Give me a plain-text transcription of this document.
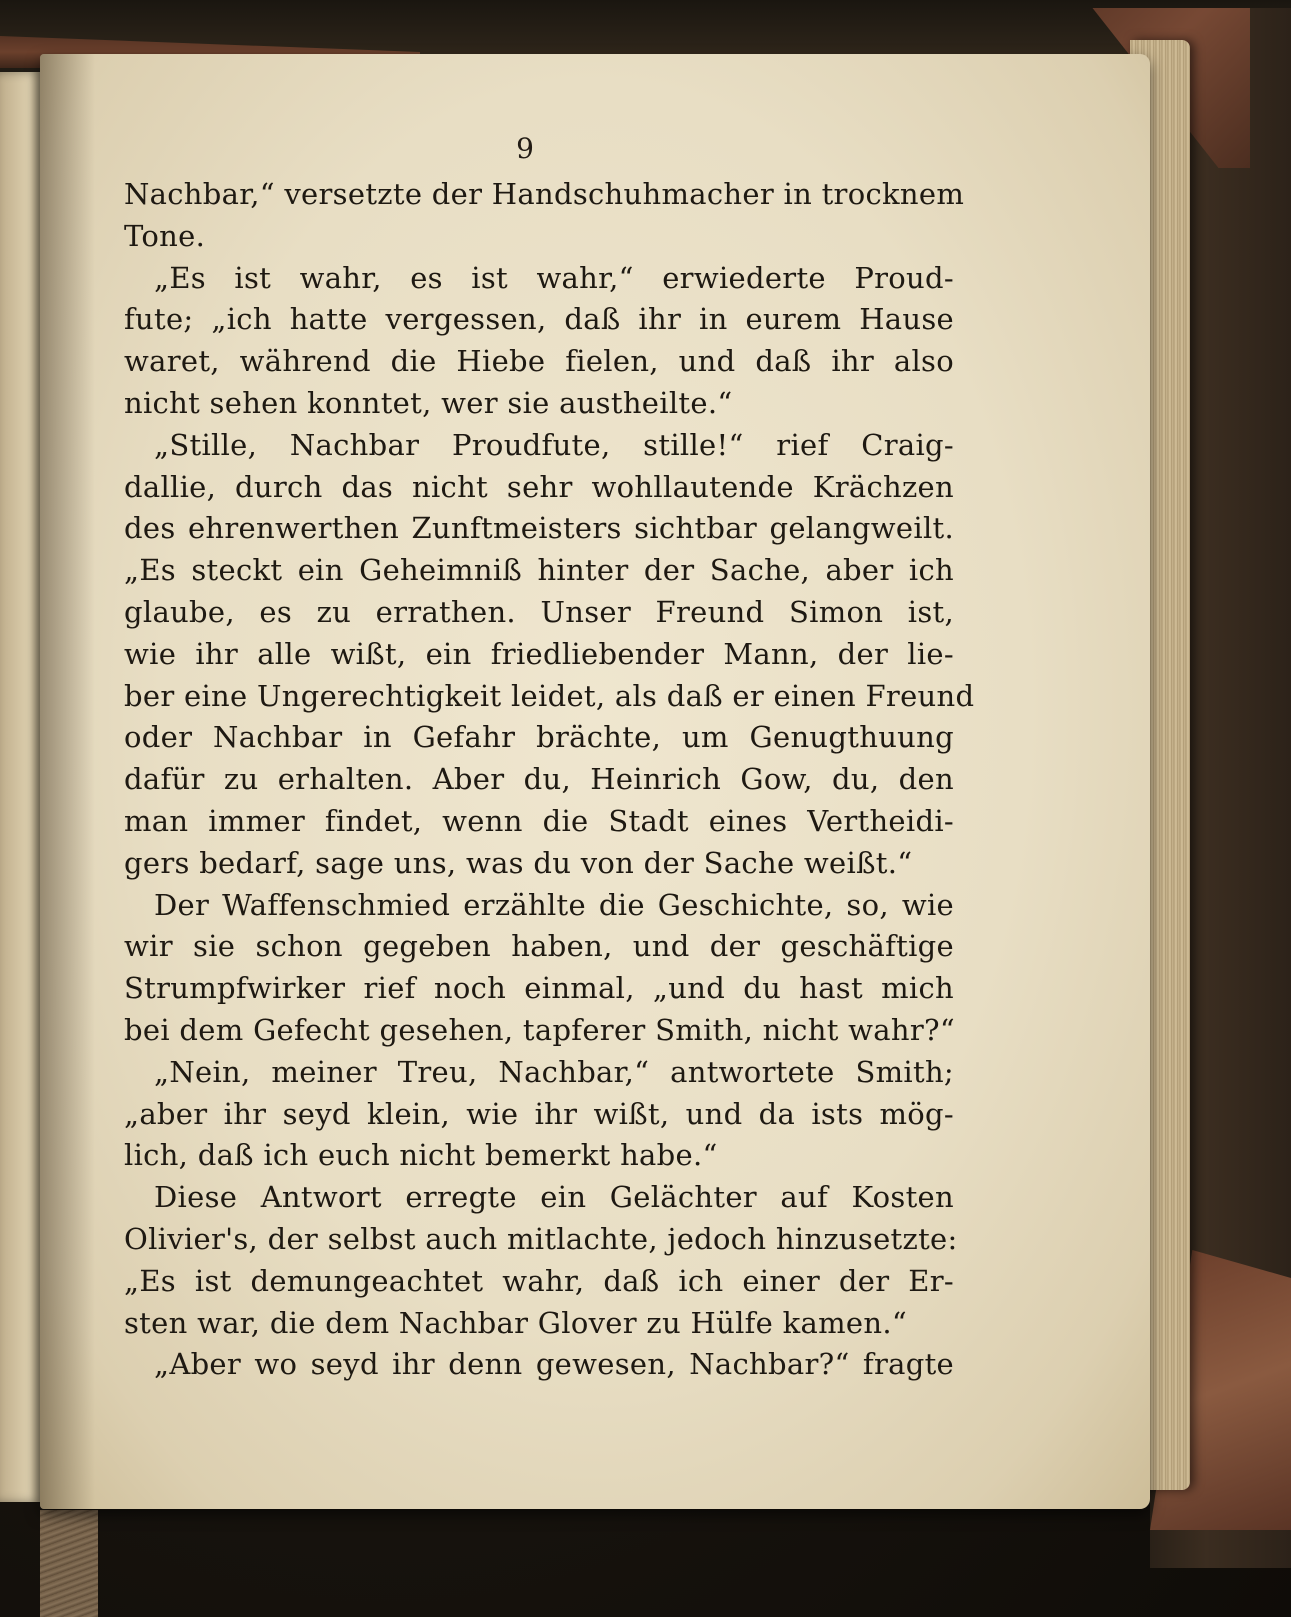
9
Nachbar,“ versetzte der Handschuhmacher in trocknem
Tone.
„Es ist wahr, es ist wahr,“ erwiederte Proud-
fute; „ich hatte vergessen, daß ihr in eurem Hause
waret, während die Hiebe fielen, und daß ihr also
nicht sehen konntet, wer sie austheilte.“
„Stille, Nachbar Proudfute, stille!“ rief Craig-
dallie, durch das nicht sehr wohllautende Krächzen
des ehrenwerthen Zunftmeisters sichtbar gelangweilt.
„Es steckt ein Geheimniß hinter der Sache, aber ich
glaube, es zu errathen. Unser Freund Simon ist,
wie ihr alle wißt, ein friedliebender Mann, der lie-
ber eine Ungerechtigkeit leidet, als daß er einen Freund
oder Nachbar in Gefahr brächte, um Genugthuung
dafür zu erhalten. Aber du, Heinrich Gow, du, den
man immer findet, wenn die Stadt eines Vertheidi-
gers bedarf, sage uns, was du von der Sache weißt.“
Der Waffenschmied erzählte die Geschichte, so, wie
wir sie schon gegeben haben, und der geschäftige
Strumpfwirker rief noch einmal, „und du hast mich
bei dem Gefecht gesehen, tapferer Smith, nicht wahr?“
„Nein, meiner Treu, Nachbar,“ antwortete Smith;
„aber ihr seyd klein, wie ihr wißt, und da ists mög-
lich, daß ich euch nicht bemerkt habe.“
Diese Antwort erregte ein Gelächter auf Kosten
Olivier's, der selbst auch mitlachte, jedoch hinzusetzte:
„Es ist demungeachtet wahr, daß ich einer der Er-
sten war, die dem Nachbar Glover zu Hülfe kamen.“
„Aber wo seyd ihr denn gewesen, Nachbar?“ fragte
